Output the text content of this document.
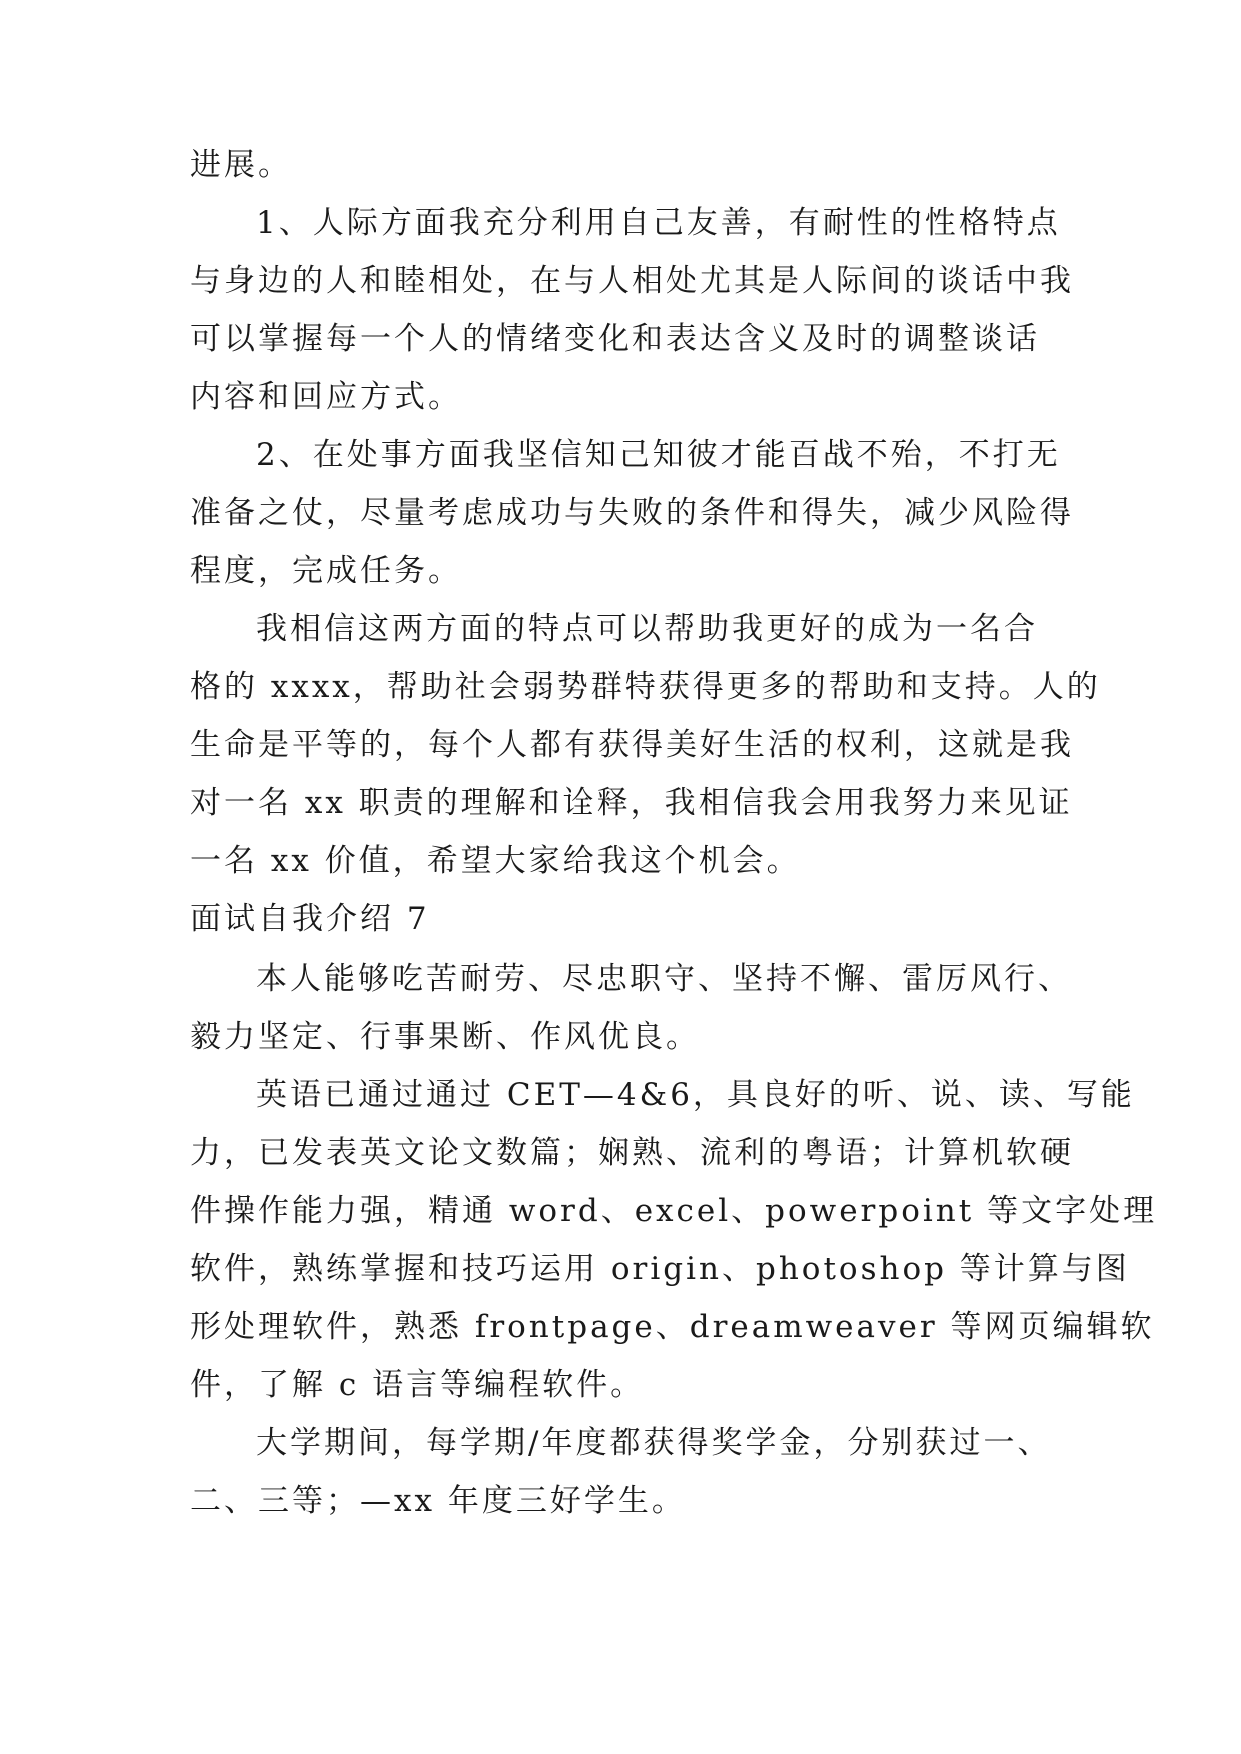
进展。
1、人际方面我充分利用自己友善，有耐性的性格特点
与身边的人和睦相处，在与人相处尤其是人际间的谈话中我
可以掌握每一个人的情绪变化和表达含义及时的调整谈话
内容和回应方式。
2、在处事方面我坚信知己知彼才能百战不殆，不打无
准备之仗，尽量考虑成功与失败的条件和得失，减少风险得
程度，完成任务。
我相信这两方面的特点可以帮助我更好的成为一名合
格的 xxxx，帮助社会弱势群特获得更多的帮助和支持。人的
生命是平等的，每个人都有获得美好生活的权利，这就是我
对一名 xx 职责的理解和诠释，我相信我会用我努力来见证
一名 xx 价值，希望大家给我这个机会。
面试自我介绍 7
本人能够吃苦耐劳、尽忠职守、坚持不懈、雷厉风行、
毅力坚定、行事果断、作风优良。
英语已通过通过 CET—4&6，具良好的听、说、读、写能
力，已发表英文论文数篇；娴熟、流利的粤语；计算机软硬
件操作能力强，精通 word、excel、powerpoint 等文字处理
软件，熟练掌握和技巧运用 origin、photoshop 等计算与图
形处理软件，熟悉 frontpage、dreamweaver 等网页编辑软
件，了解 c 语言等编程软件。
大学期间，每学期/年度都获得奖学金，分别获过一、
二、三等；—xx 年度三好学生。
